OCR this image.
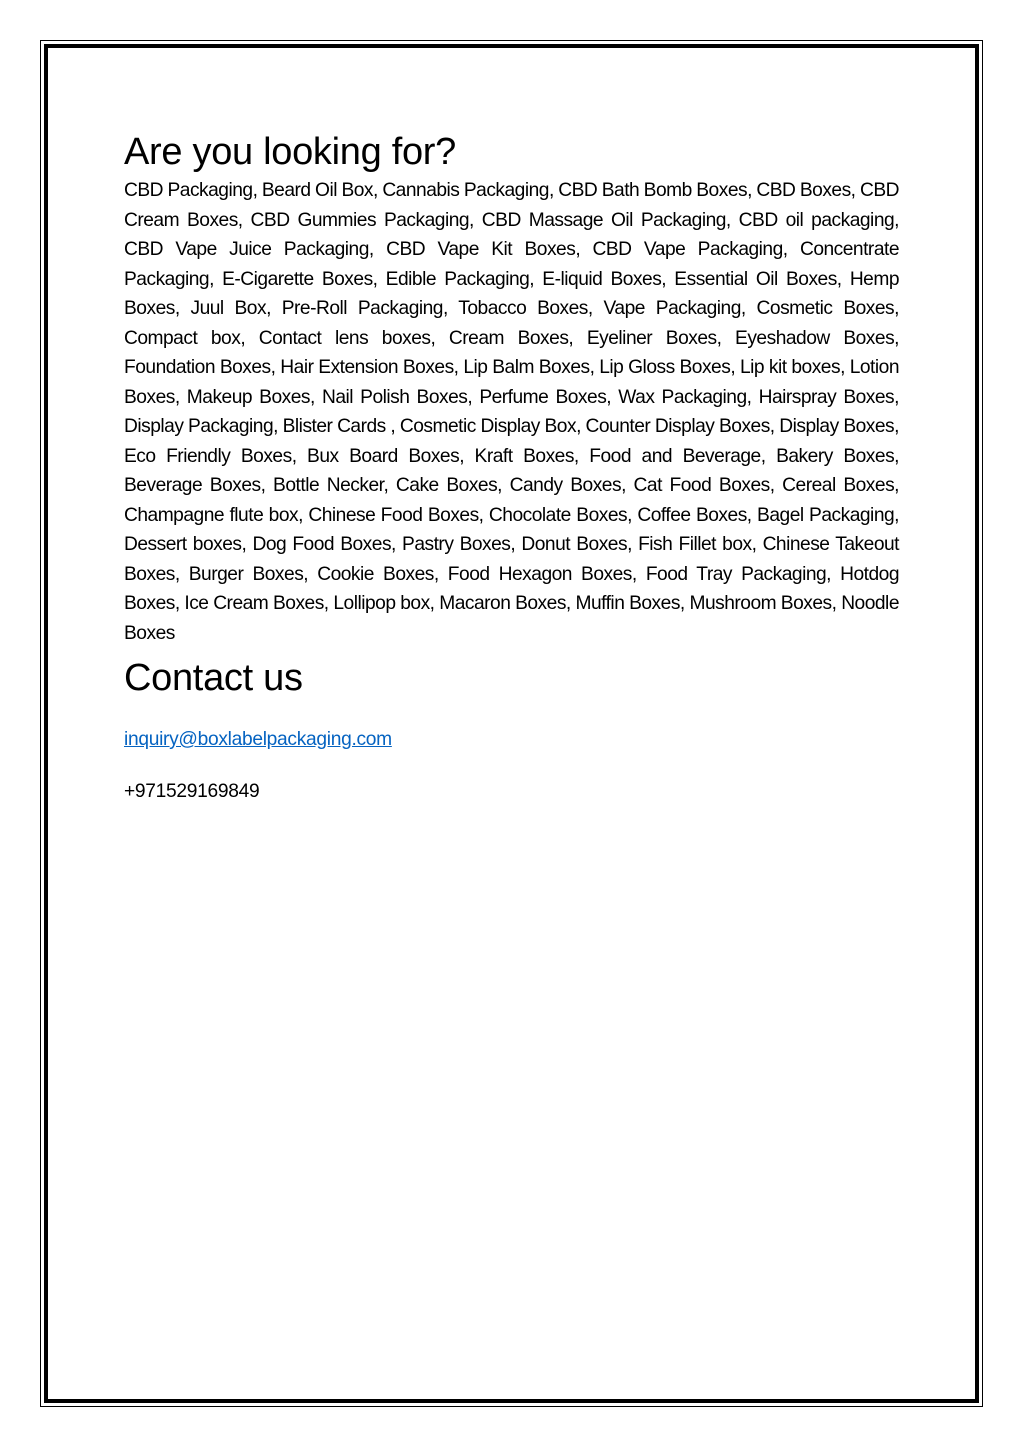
Are you looking for?

CBD Packaging, Beard Oil Box, Cannabis Packaging, CBD Bath Bomb Boxes, CBD Boxes, CBD Cream Boxes, CBD Gummies Packaging, CBD Massage Oil Packaging, CBD oil packaging, CBD Vape Juice Packaging, CBD Vape Kit Boxes, CBD Vape Packaging, Concentrate Packaging, E-Cigarette Boxes, Edible Packaging, E-liquid Boxes, Essential Oil Boxes, Hemp Boxes, Juul Box, Pre-Roll Packaging, Tobacco Boxes, Vape Packaging, Cosmetic Boxes, Compact box, Contact lens boxes, Cream Boxes, Eyeliner Boxes, Eyeshadow Boxes, Foundation Boxes, Hair Extension Boxes, Lip Balm Boxes, Lip Gloss Boxes, Lip kit boxes, Lotion Boxes, Makeup Boxes, Nail Polish Boxes, Perfume Boxes, Wax Packaging, Hairspray Boxes, Display Packaging, Blister Cards , Cosmetic Display Box, Counter Display Boxes, Display Boxes, Eco Friendly Boxes, Bux Board Boxes, Kraft Boxes, Food and Beverage, Bakery Boxes, Beverage Boxes, Bottle Necker, Cake Boxes, Candy Boxes, Cat Food Boxes, Cereal Boxes, Champagne flute box, Chinese Food Boxes, Chocolate Boxes, Coffee Boxes, Bagel Packaging, Dessert boxes, Dog Food Boxes, Pastry Boxes, Donut Boxes, Fish Fillet box, Chinese Takeout Boxes, Burger Boxes, Cookie Boxes, Food Hexagon Boxes, Food Tray Packaging, Hotdog Boxes, Ice Cream Boxes, Lollipop box, Macaron Boxes, Muffin Boxes, Mushroom Boxes, Noodle Boxes

Contact us
inquiry@boxlabelpackaging.com
+971529169849
